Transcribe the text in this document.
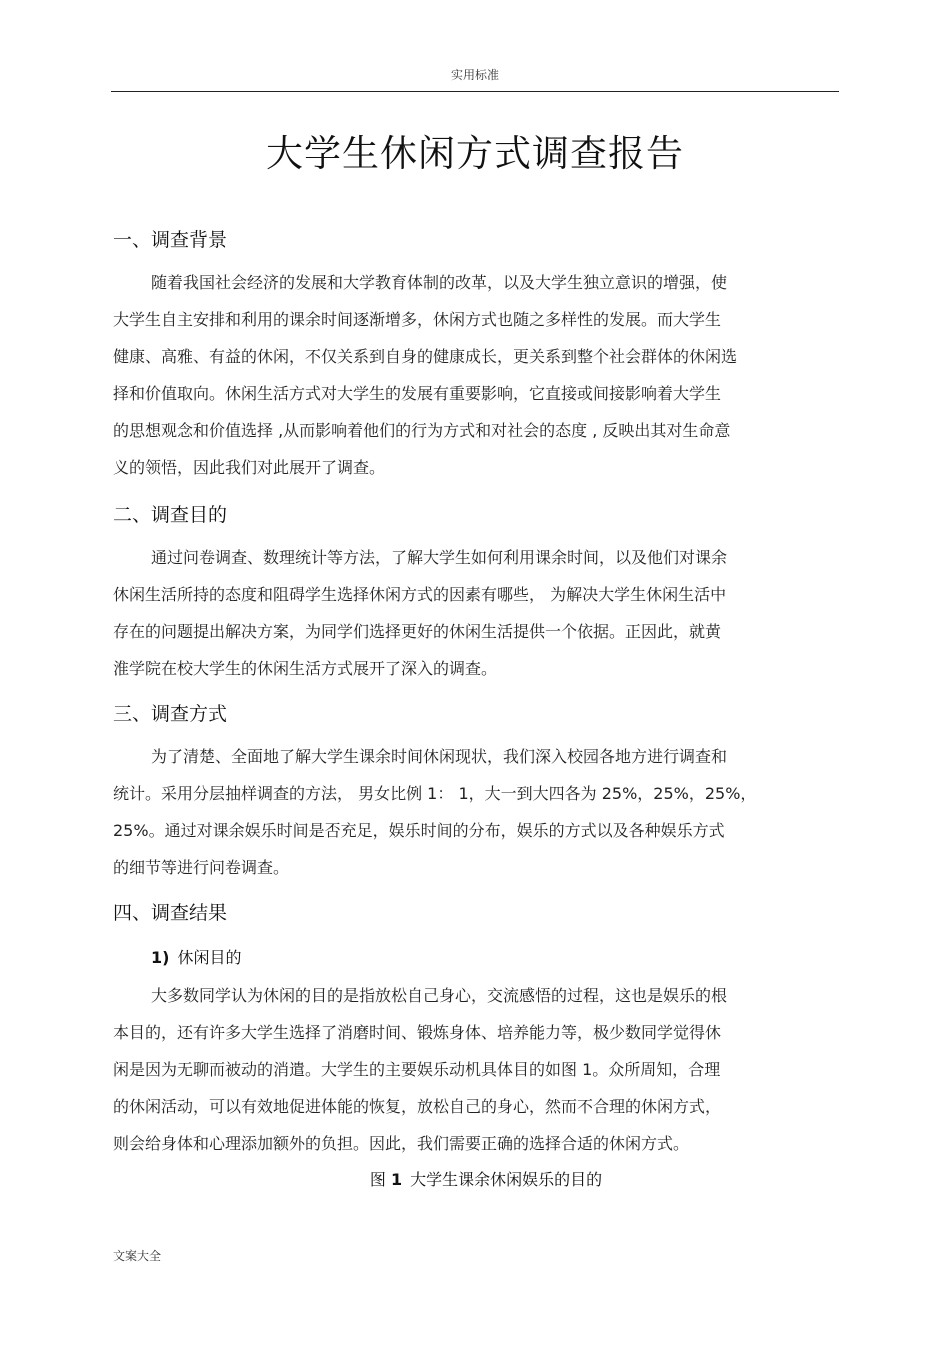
实用标准
大学生休闲方式调查报告
一、调查背景
随着我国社会经济的发展和大学教育体制的改革，以及大学生独立意识的增强，使
大学生自主安排和利用的课余时间逐渐增多，休闲方式也随之多样性的发展。而大学生
健康、高雅、有益的休闲，不仅关系到自身的健康成长，更关系到整个社会群体的休闲选
择和价值取向。休闲生活方式对大学生的发展有重要影响，它直接或间接影响着大学生
的思想观念和价值选择 ,从而影响着他们的行为方式和对社会的态度 , 反映出其对生命意
义的领悟，因此我们对此展开了调查。
二、调查目的
通过问卷调查、数理统计等方法，了解大学生如何利用课余时间，以及他们对课余
休闲生活所持的态度和阻碍学生选择休闲方式的因素有哪些， 为解决大学生休闲生活中
存在的问题提出解决方案，为同学们选择更好的休闲生活提供一个依据。正因此，就黄
淮学院在校大学生的休闲生活方式展开了深入的调查。
三、调查方式
为了清楚、全面地了解大学生课余时间休闲现状，我们深入校园各地方进行调查和
统计。采用分层抽样调查的方法， 男女比例 1： 1，大一到大四各为 25%，25%，25%，
25%。通过对课余娱乐时间是否充足，娱乐时间的分布，娱乐的方式以及各种娱乐方式
的细节等进行问卷调查。
四、调查结果
1) 休闲目的
大多数同学认为休闲的目的是指放松自己身心，交流感悟的过程，这也是娱乐的根
本目的，还有许多大学生选择了消磨时间、锻炼身体、培养能力等，极少数同学觉得休
闲是因为无聊而被动的消遣。大学生的主要娱乐动机具体目的如图 1。众所周知，合理
的休闲活动，可以有效地促进体能的恢复，放松自己的身心，然而不合理的休闲方式，
则会给身体和心理添加额外的负担。因此，我们需要正确的选择合适的休闲方式。
图 1 大学生课余休闲娱乐的目的
文案大全
